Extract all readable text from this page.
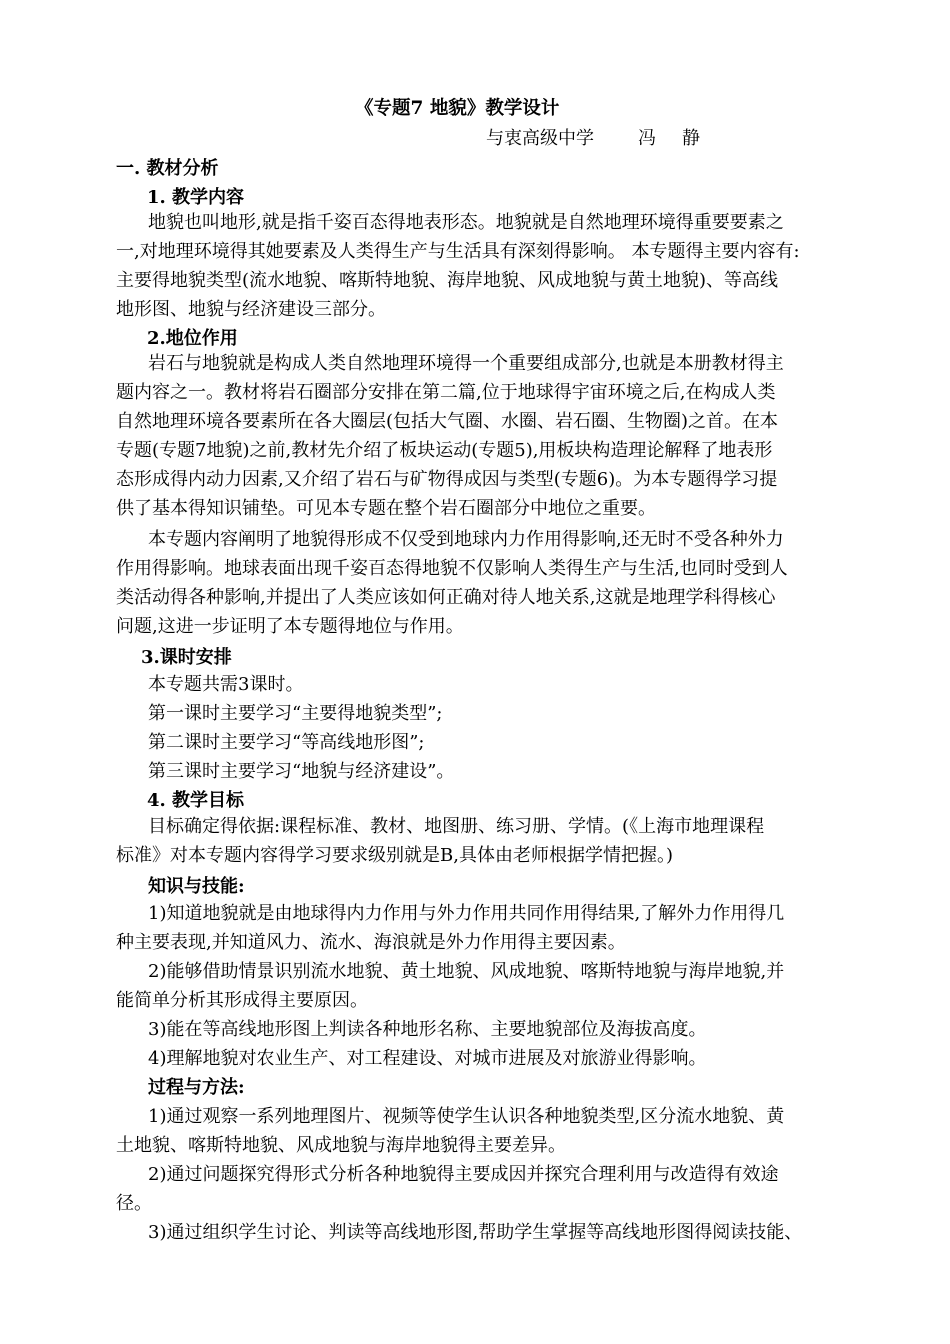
《专题7 地貌》教学设计
与衷高级中学 冯 静
一. 教材分析
1. 教学内容
地貌也叫地形,就是指千姿百态得地表形态。地貌就是自然地理环境得重要要素之
一,对地理环境得其她要素及人类得生产与生活具有深刻得影响。 本专题得主要内容有:
主要得地貌类型(流水地貌、喀斯特地貌、海岸地貌、风成地貌与黄土地貌)、等高线
地形图、地貌与经济建设三部分。
2.地位作用
岩石与地貌就是构成人类自然地理环境得一个重要组成部分,也就是本册教材得主
题内容之一。教材将岩石圈部分安排在第二篇,位于地球得宇宙环境之后,在构成人类
自然地理环境各要素所在各大圈层(包括大气圈、水圈、岩石圈、生物圈)之首。在本
专题(专题7地貌)之前,教材先介绍了板块运动(专题5),用板块构造理论解释了地表形
态形成得内动力因素,又介绍了岩石与矿物得成因与类型(专题6)。为本专题得学习提
供了基本得知识铺垫。可见本专题在整个岩石圈部分中地位之重要。
本专题内容阐明了地貌得形成不仅受到地球内力作用得影响,还无时不受各种外力
作用得影响。地球表面出现千姿百态得地貌不仅影响人类得生产与生活,也同时受到人
类活动得各种影响,并提出了人类应该如何正确对待人地关系,这就是地理学科得核心
问题,这进一步证明了本专题得地位与作用。
3.课时安排
本专题共需3课时。
第一课时主要学习“主要得地貌类型”;
第二课时主要学习“等高线地形图”;
第三课时主要学习“地貌与经济建设”。
4. 教学目标
目标确定得依据:课程标准、教材、地图册、练习册、学情。(《上海市地理课程
标准》对本专题内容得学习要求级别就是B,具体由老师根据学情把握。)
知识与技能:
1)知道地貌就是由地球得内力作用与外力作用共同作用得结果,了解外力作用得几
种主要表现,并知道风力、流水、海浪就是外力作用得主要因素。
2)能够借助情景识别流水地貌、黄土地貌、风成地貌、喀斯特地貌与海岸地貌,并
能简单分析其形成得主要原因。
3)能在等高线地形图上判读各种地形名称、主要地貌部位及海拔高度。
4)理解地貌对农业生产、对工程建设、对城市进展及对旅游业得影响。
过程与方法:
1)通过观察一系列地理图片、视频等使学生认识各种地貌类型,区分流水地貌、黄
土地貌、喀斯特地貌、风成地貌与海岸地貌得主要差异。
2)通过问题探究得形式分析各种地貌得主要成因并探究合理利用与改造得有效途
径。
3)通过组织学生讨论、判读等高线地形图,帮助学生掌握等高线地形图得阅读技能、
